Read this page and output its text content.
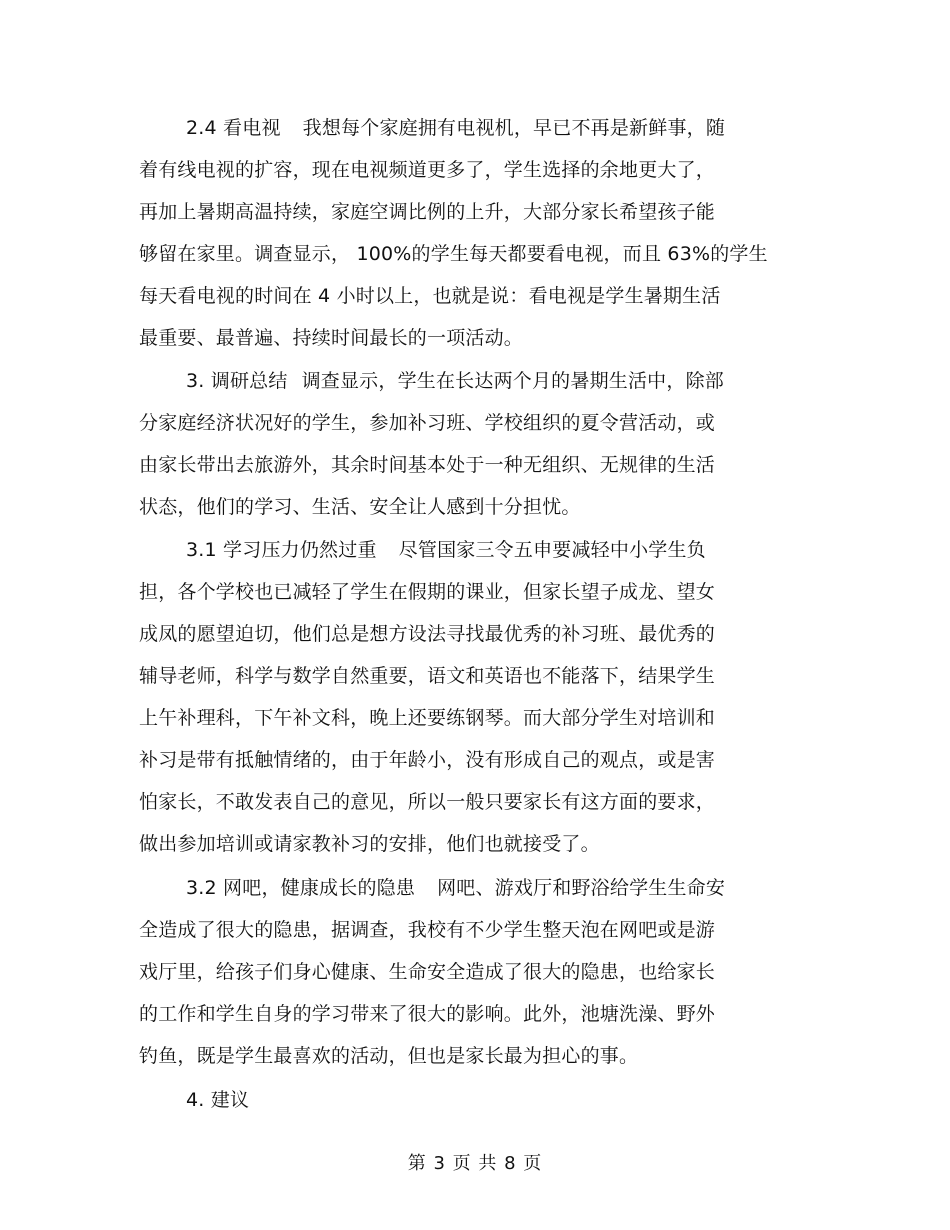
2.4 看电视 我想每个家庭拥有电视机，早已不再是新鲜事，随
着有线电视的扩容，现在电视频道更多了，学生选择的余地更大了，
再加上暑期高温持续，家庭空调比例的上升，大部分家长希望孩子能
够留在家里。调查显示， 100%的学生每天都要看电视，而且 63%的学生
每天看电视的时间在 4 小时以上，也就是说：看电视是学生暑期生活
最重要、最普遍、持续时间最长的一项活动。
3. 调研总结 调查显示，学生在长达两个月的暑期生活中，除部
分家庭经济状况好的学生，参加补习班、学校组织的夏令营活动，或
由家长带出去旅游外，其余时间基本处于一种无组织、无规律的生活
状态，他们的学习、生活、安全让人感到十分担忧。
3.1 学习压力仍然过重 尽管国家三令五申要减轻中小学生负
担，各个学校也已减轻了学生在假期的课业，但家长望子成龙、望女
成凤的愿望迫切，他们总是想方设法寻找最优秀的补习班、最优秀的
辅导老师，科学与数学自然重要，语文和英语也不能落下，结果学生
上午补理科，下午补文科，晚上还要练钢琴。而大部分学生对培训和
补习是带有抵触情绪的，由于年龄小，没有形成自己的观点，或是害
怕家长，不敢发表自己的意见，所以一般只要家长有这方面的要求，
做出参加培训或请家教补习的安排，他们也就接受了。
3.2 网吧，健康成长的隐患 网吧、游戏厅和野浴给学生生命安
全造成了很大的隐患，据调查，我校有不少学生整天泡在网吧或是游
戏厅里，给孩子们身心健康、生命安全造成了很大的隐患，也给家长
的工作和学生自身的学习带来了很大的影响。此外，池塘洗澡、野外
钓鱼，既是学生最喜欢的活动，但也是家长最为担心的事。
4. 建议
第 3 页 共 8 页
